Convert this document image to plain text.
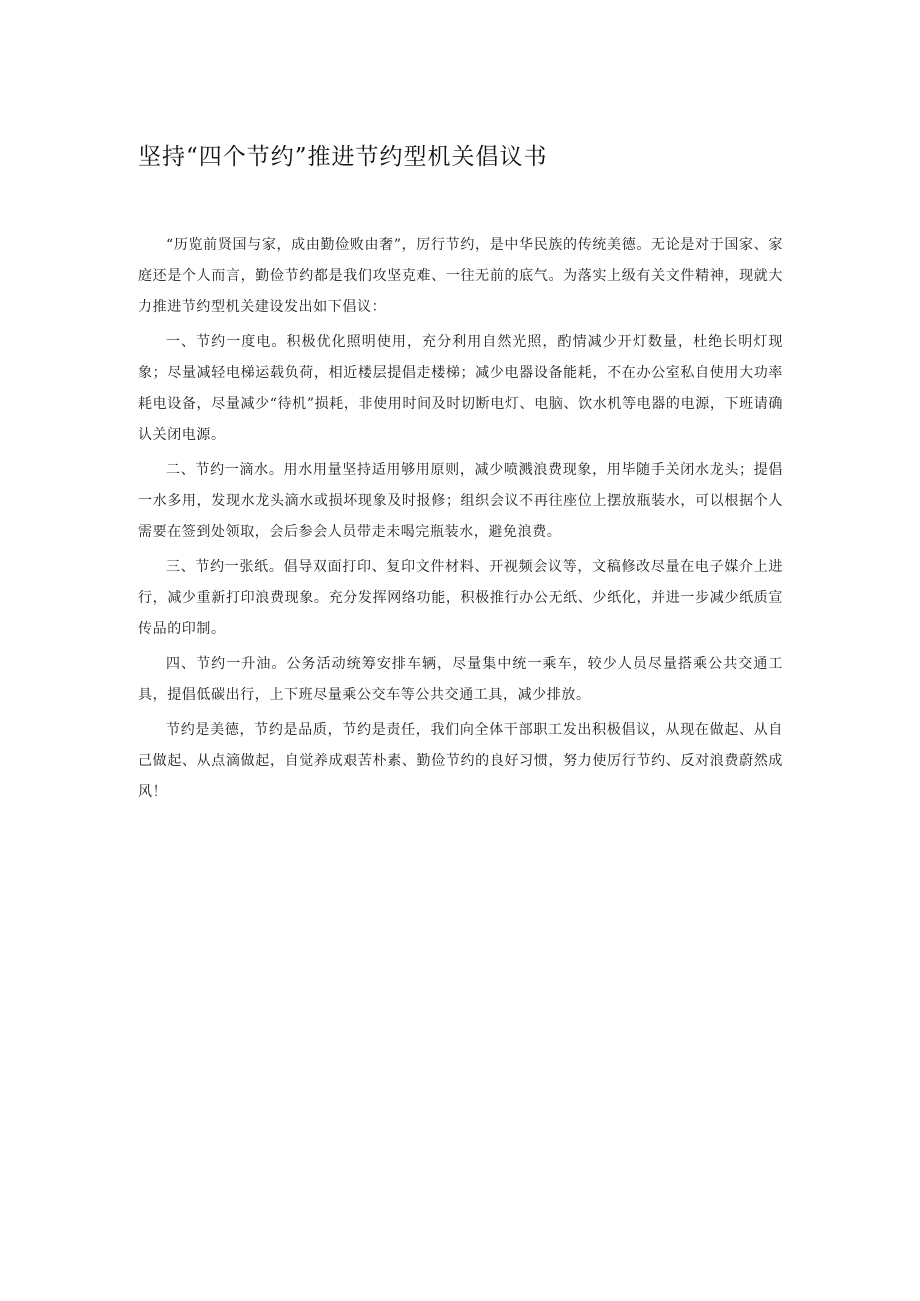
坚持“四个节约”推进节约型机关倡议书

“历览前贤国与家，成由勤俭败由奢”，厉行节约，是中华民族的传统美德。无论是对于国家、家庭还是个人而言，勤俭节约都是我们攻坚克难、一往无前的底气。为落实上级有关文件精神，现就大力推进节约型机关建设发出如下倡议：

一、节约一度电。积极优化照明使用，充分利用自然光照，酌情减少开灯数量，杜绝长明灯现象；尽量减轻电梯运载负荷，相近楼层提倡走楼梯；减少电器设备能耗，不在办公室私自使用大功率耗电设备，尽量减少“待机”损耗，非使用时间及时切断电灯、电脑、饮水机等电器的电源，下班请确认关闭电源。

二、节约一滴水。用水用量坚持适用够用原则，减少喷溅浪费现象，用毕随手关闭水龙头；提倡一水多用，发现水龙头滴水或损坏现象及时报修；组织会议不再往座位上摆放瓶装水，可以根据个人需要在签到处领取，会后参会人员带走未喝完瓶装水，避免浪费。

三、节约一张纸。倡导双面打印、复印文件材料、开视频会议等，文稿修改尽量在电子媒介上进行，减少重新打印浪费现象。充分发挥网络功能，积极推行办公无纸、少纸化，并进一步减少纸质宣传品的印制。

四、节约一升油。公务活动统筹安排车辆，尽量集中统一乘车，较少人员尽量搭乘公共交通工具，提倡低碳出行，上下班尽量乘公交车等公共交通工具，减少排放。

节约是美德，节约是品质，节约是责任，我们向全体干部职工发出积极倡议，从现在做起、从自己做起、从点滴做起，自觉养成艰苦朴素、勤俭节约的良好习惯，努力使厉行节约、反对浪费蔚然成风！
